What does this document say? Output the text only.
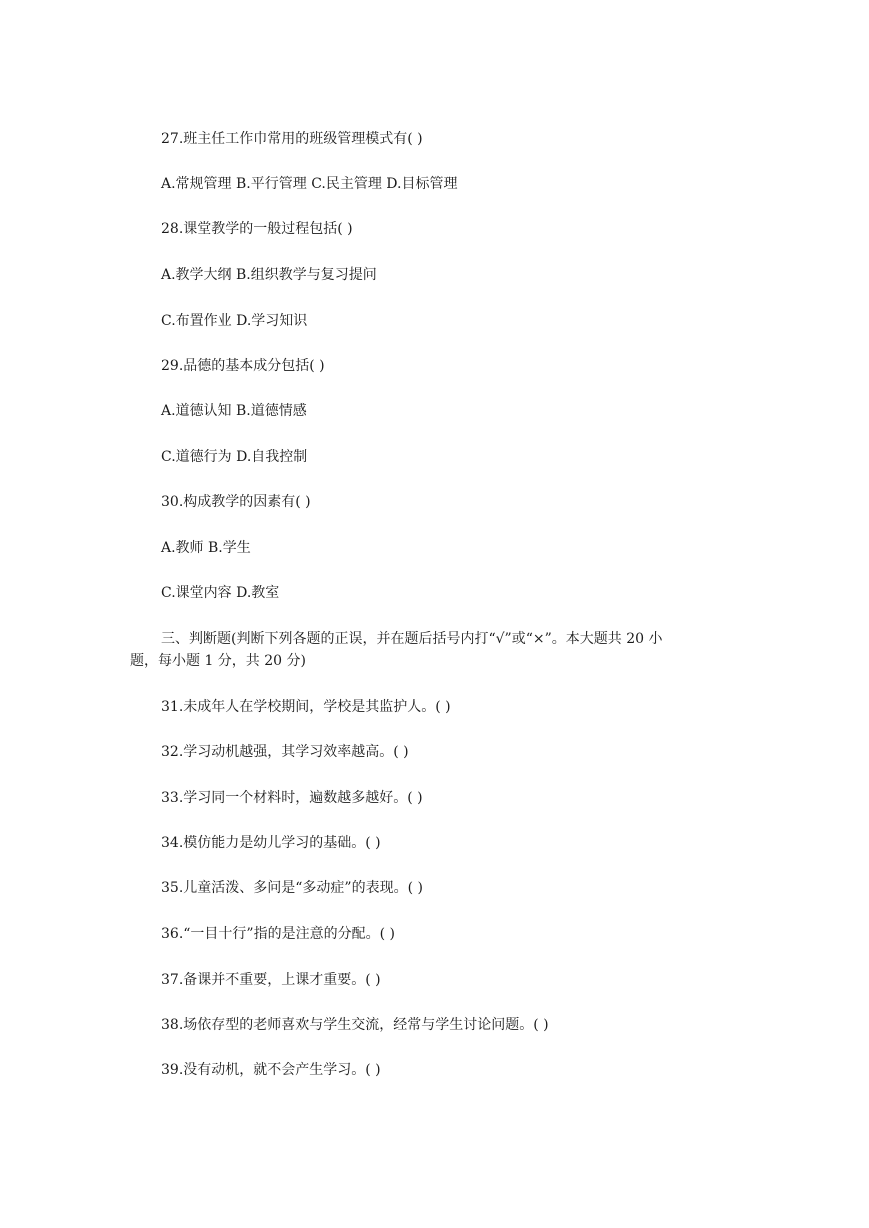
27.班主任工作巾常用的班级管理模式有( )
A.常规管理 B.平行管理 C.民主管理 D.目标管理
28.课堂教学的一般过程包括( )
A.教学大纲 B.组织教学与复习提问
C.布置作业 D.学习知识
29.品德的基本成分包括( )
A.道德认知 B.道德情感
C.道德行为 D.自我控制
30.构成教学的因素有( )
A.教师 B.学生
C.课堂内容 D.教室
三、判断题(判断下列各题的正误，并在题后括号内打“√”或“×”。本大题共 20 小
题，每小题 1 分，共 20 分)
31.未成年人在学校期间，学校是其监护人。( )
32.学习动机越强，其学习效率越高。( )
33.学习同一个材料时，遍数越多越好。( )
34.模仿能力是幼儿学习的基础。( )
35.儿童活泼、多问是“多动症”的表现。( )
36.“一目十行”指的是注意的分配。( )
37.备课并不重要，上课才重要。( )
38.场依存型的老师喜欢与学生交流，经常与学生讨论问题。( )
39.没有动机，就不会产生学习。( )
